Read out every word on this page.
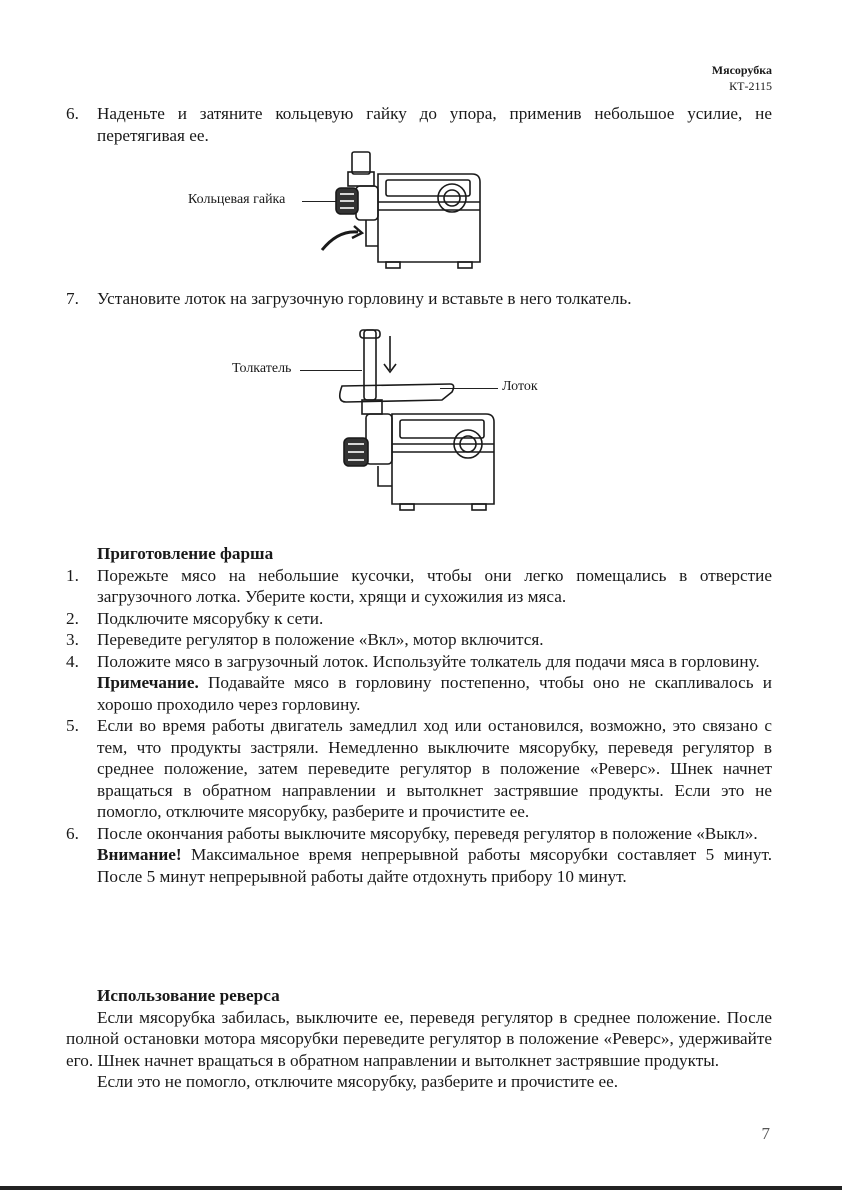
Мясорубка
КТ-2115
6. Наденьте и затяните кольцевую гайку до упора, применив небольшое усилие, не перетягивая ее.
Кольцевая гайка
7. Установите лоток на загрузочную горловину и вставьте в него толкатель.
Толкатель
Лоток
Приготовление фарша
1. Порежьте мясо на небольшие кусочки, чтобы они легко помещались в отверстие загрузочного лотка. Уберите кости, хрящи и сухожилия из мяса.
2. Подключите мясорубку к сети.
3. Переведите регулятор в положение «Вкл», мотор включится.
4. Положите мясо в загрузочный лоток. Используйте толкатель для подачи мяса в горловину.
Примечание. Подавайте мясо в горловину постепенно, чтобы оно не скапливалось и хорошо проходило через горловину.
5. Если во время работы двигатель замедлил ход или остановился, возможно, это связано с тем, что продукты застряли. Немедленно выключите мясорубку, переведя регулятор в среднее положение, затем переведите регулятор в положение «Реверс». Шнек начнет вращаться в обратном направлении и вытолкнет застрявшие продукты. Если это не помогло, отключите мясорубку, разберите и прочистите ее.
6. После окончания работы выключите мясорубку, переведя регулятор в положение «Выкл».
Внимание! Максимальное время непрерывной работы мясорубки составляет 5 минут. После 5 минут непрерывной работы дайте отдохнуть прибору 10 минут.
Использование реверса
Если мясорубка забилась, выключите ее, переведя регулятор в среднее положение. После полной остановки мотора мясорубки переведите регулятор в положение «Реверс», удерживайте его. Шнек начнет вращаться в обратном направлении и вытолкнет застрявшие продукты.
Если это не помогло, отключите мясорубку, разберите и прочистите ее.
7
